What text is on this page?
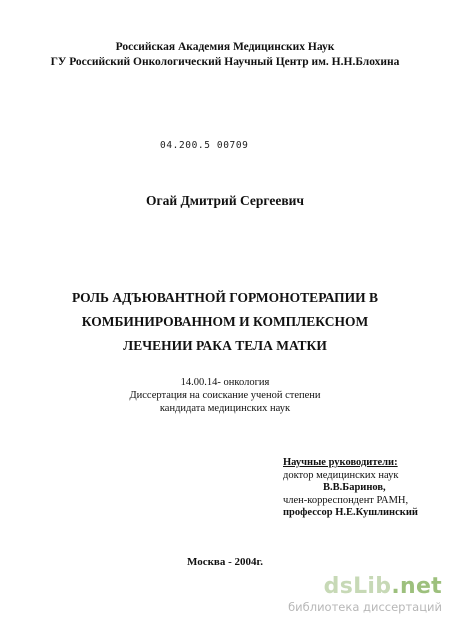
Российская Академия Медицинских Наук
ГУ Российский Онкологический Научный Центр им. Н.Н.Блохина
04.200.5 00709
Огай Дмитрий Сергеевич
РОЛЬ АДЪЮВАНТНОЙ ГОРМОНОТЕРАПИИ В
КОМБИНИРОВАННОМ И КОМПЛЕКСНОМ
ЛЕЧЕНИИ РАКА ТЕЛА МАТКИ
14.00.14- онкология
Диссертация на соискание ученой степени
кандидата медицинских наук
Научные руководители:
доктор медицинских наук
В.В.Баринов,
член-корреспондент РАМН,
профессор Н.Е.Кушлинский
Москва - 2004г.
dsLib.net
библиотека диссертаций
